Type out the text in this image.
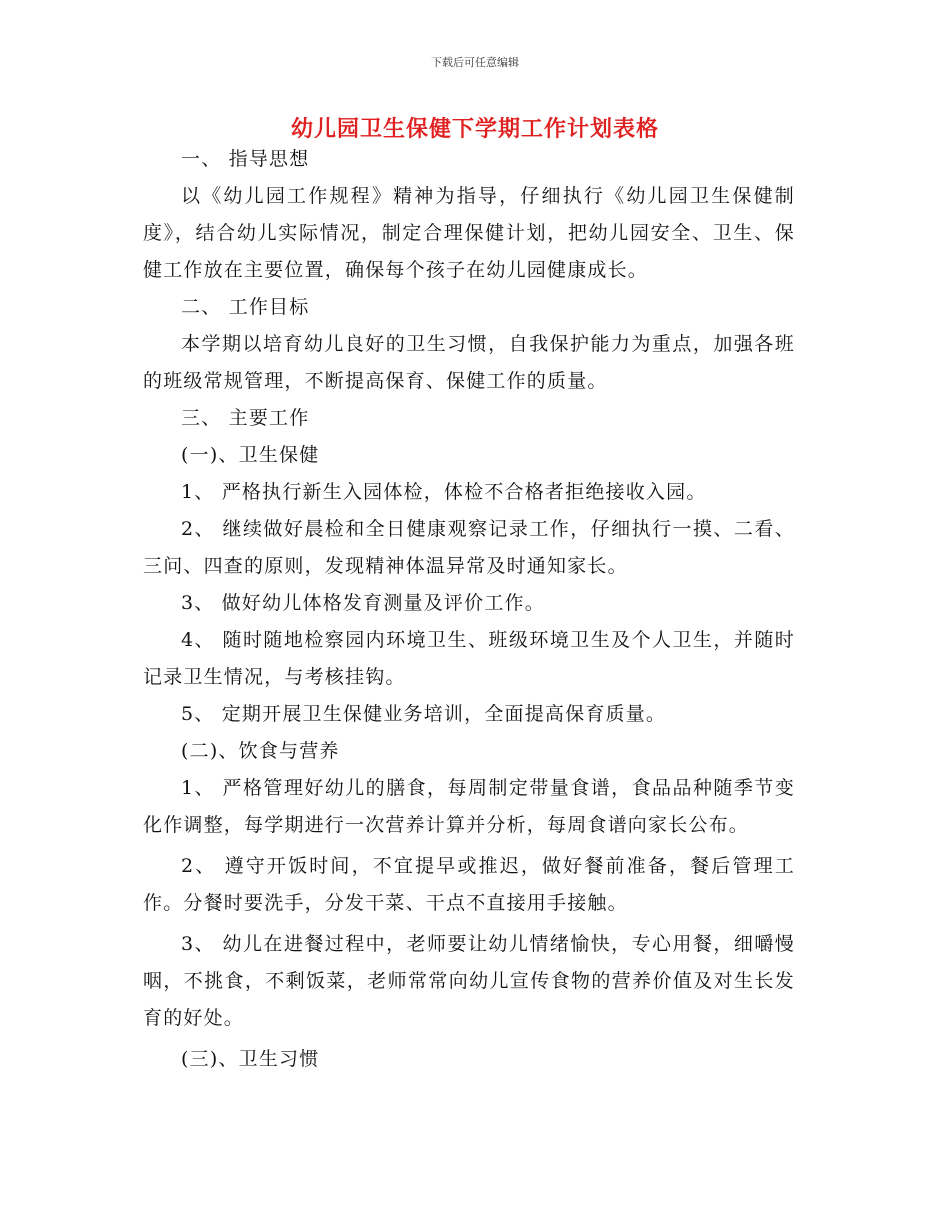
下载后可任意编辑
幼儿园卫生保健下学期工作计划表格

一、 指导思想

以《幼儿园工作规程》精神为指导，仔细执行《幼儿园卫生保健制度》，结合幼儿实际情况，制定合理保健计划，把幼儿园安全、卫生、保健工作放在主要位置，确保每个孩子在幼儿园健康成长。

二、 工作目标

本学期以培育幼儿良好的卫生习惯，自我保护能力为重点，加强各班的班级常规管理，不断提高保育、保健工作的质量。

三、 主要工作

(一)、卫生保健

1、 严格执行新生入园体检，体检不合格者拒绝接收入园。

2、 继续做好晨检和全日健康观察记录工作，仔细执行一摸、二看、三问、四查的原则，发现精神体温异常及时通知家长。

3、 做好幼儿体格发育测量及评价工作。

4、 随时随地检察园内环境卫生、班级环境卫生及个人卫生，并随时记录卫生情况，与考核挂钩。

5、 定期开展卫生保健业务培训，全面提高保育质量。

(二)、饮食与营养

1、 严格管理好幼儿的膳食，每周制定带量食谱，食品品种随季节变化作调整，每学期进行一次营养计算并分析，每周食谱向家长公布。

2、 遵守开饭时间，不宜提早或推迟，做好餐前准备，餐后管理工作。分餐时要洗手，分发干菜、干点不直接用手接触。

3、 幼儿在进餐过程中，老师要让幼儿情绪愉快，专心用餐，细嚼慢咽，不挑食，不剩饭菜，老师常常向幼儿宣传食物的营养价值及对生长发育的好处。

(三)、卫生习惯
